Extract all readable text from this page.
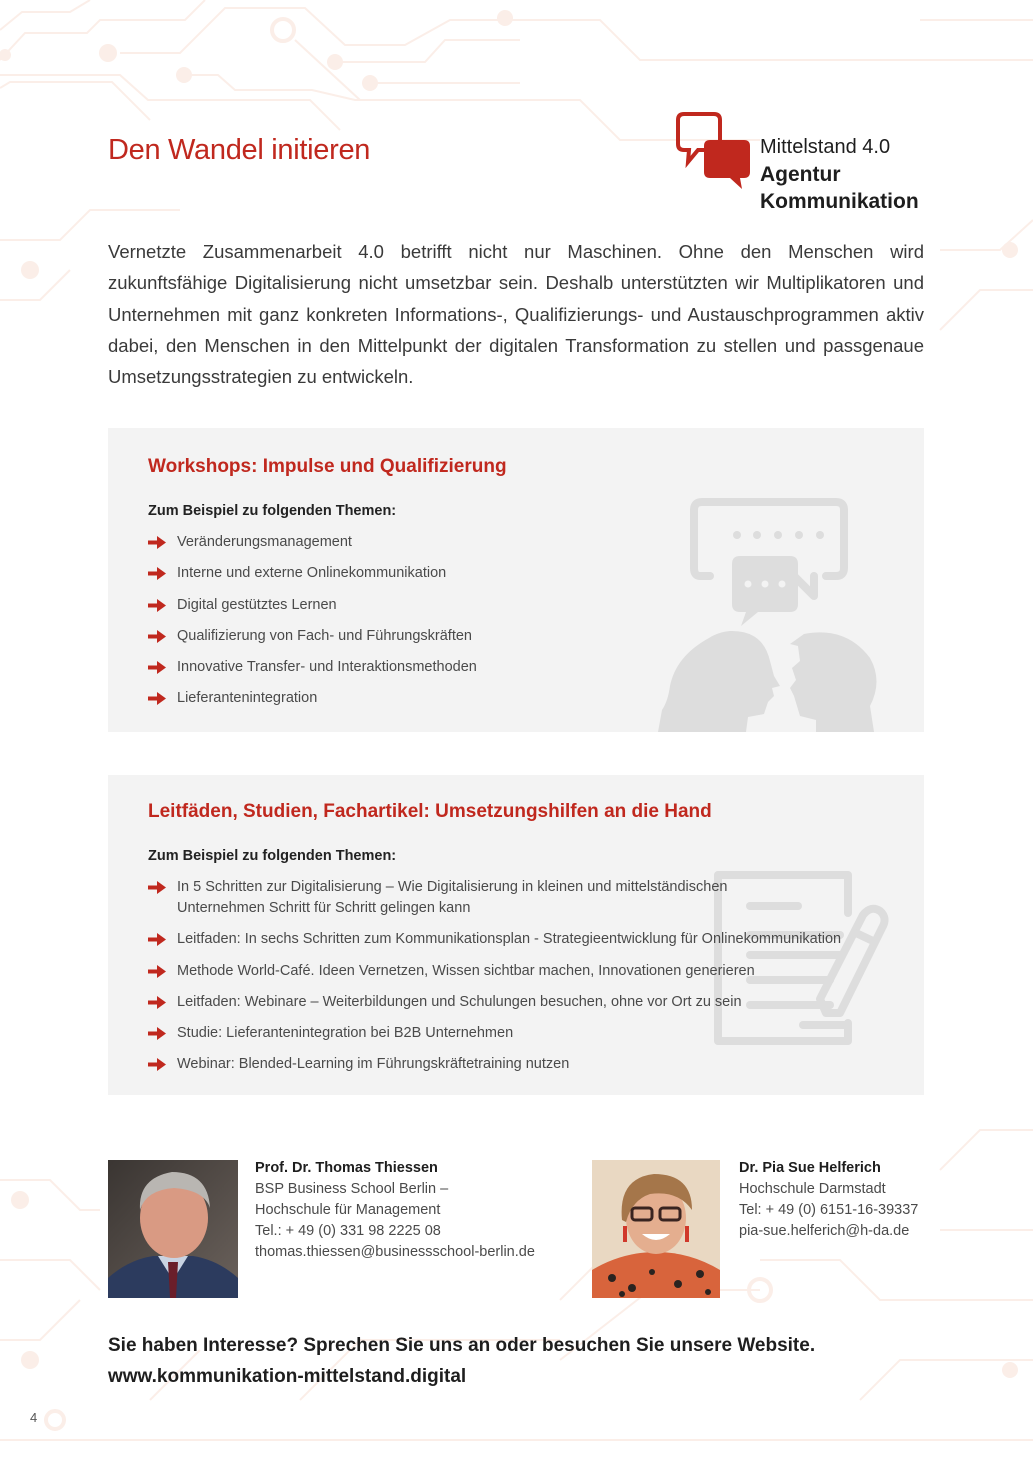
Den Wandel initieren	Mittelstand 4.0
Agentur
Kommunikation

Vernetzte Zusammenarbeit 4.0 betrifft nicht nur Maschinen. Ohne den Menschen wird zukunftsfähige Digitalisierung nicht umsetzbar sein. Deshalb unterstützten wir Multiplikatoren und Unternehmen mit ganz konkreten Informations-, Qualifizierungs- und Austauschprogrammen aktiv dabei, den Menschen in den Mittelpunkt der digitalen Transformation zu stellen und passgenaue Umsetzungsstrategien zu entwickeln.

Workshops: Impulse und Qualifizierung

Zum Beispiel zu folgenden Themen:

Veränderungsmanagement
Interne und externe Onlinekommunikation
Digital gestütztes Lernen
Qualifizierung von Fach- und Führungskräften
Innovative Transfer- und Interaktionsmethoden
Lieferantenintegration
Leitfäden, Studien, Fachartikel: Umsetzungshilfen an die Hand

Zum Beispiel zu folgenden Themen:

In 5 Schritten zur Digitalisierung – Wie Digitalisierung in kleinen und mittelständischen Unternehmen Schritt für Schritt gelingen kann
Leitfaden: In sechs Schritten zum Kommunikationsplan - Strategieentwicklung für Onlinekommunikation
Methode World-Café. Ideen Vernetzen, Wissen sichtbar machen, Innovationen generieren
Leitfaden: Webinare – Weiterbildungen und Schulungen besuchen, ohne vor Ort zu sein
Studie: Lieferantenintegration bei B2B Unternehmen
Webinar: Blended-Learning im Führungskräftetraining nutzen
Prof. Dr. Thomas Thiessen
BSP Business School Berlin –
Hochschule für Management
Tel.: + 49 (0) 331 98 2225 08
thomas.thiessen@businessschool-berlin.de
Dr. Pia Sue Helferich
Hochschule Darmstadt
Tel: + 49 (0) 6151-16-39337
pia-sue.helferich@h-da.de
Sie haben Interesse? Sprechen Sie uns an oder besuchen Sie unsere Website.
www.kommunikation-mittelstand.digital
4
